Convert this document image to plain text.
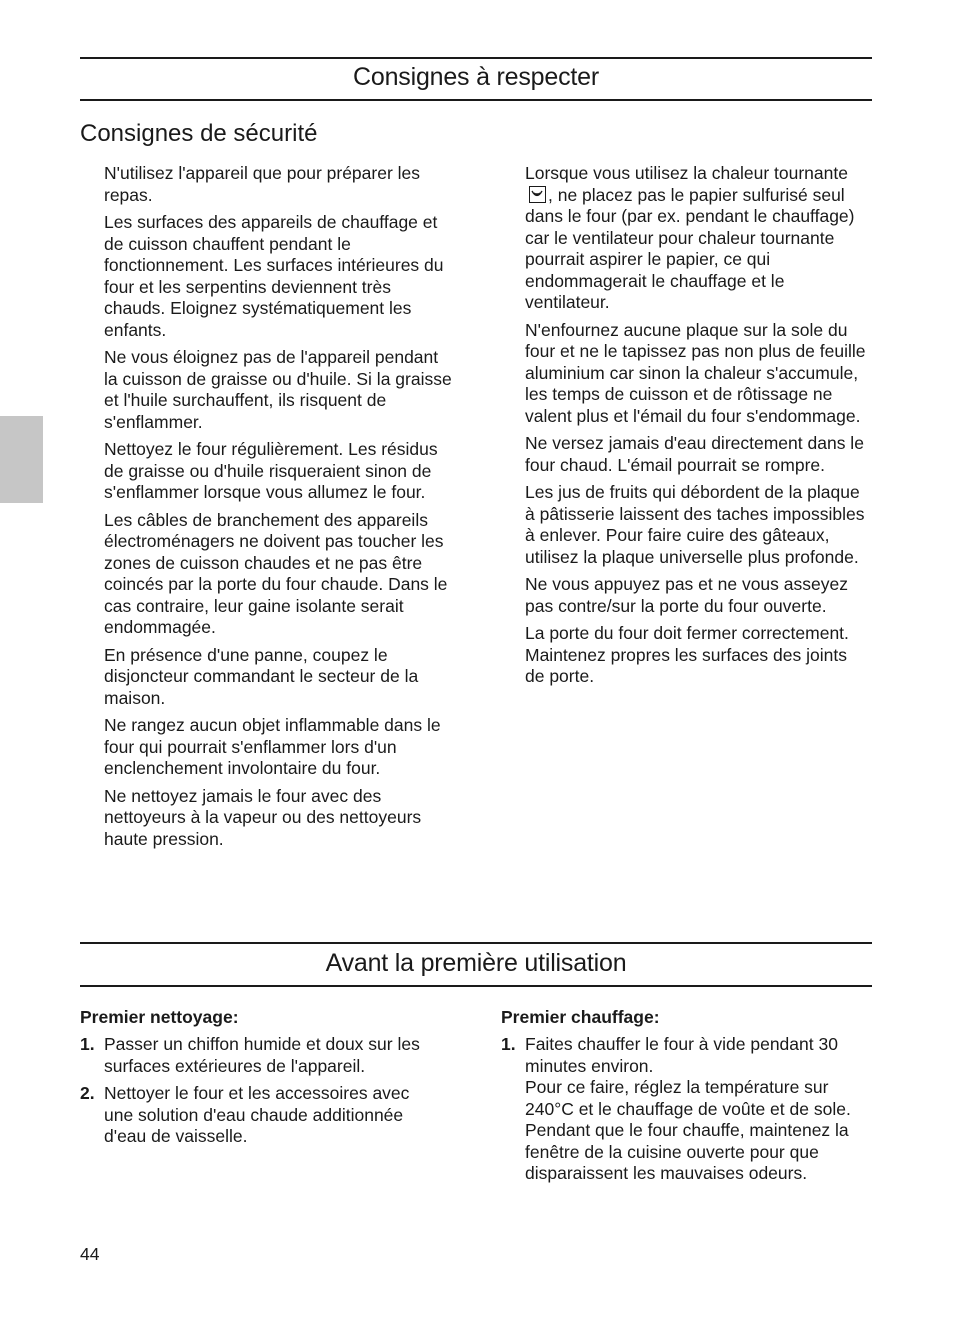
Consignes à respecter
Consignes de sécurité

N'utilisez l'appareil que pour préparer les repas.

Les surfaces des appareils de chauffage et de cuisson chauffent pendant le fonctionnement. Les surfaces intérieures du four et les serpentins deviennent très chauds. Eloignez systématiquement les enfants.

Ne vous éloignez pas de l'appareil pendant la cuisson de graisse ou d'huile. Si la graisse et l'huile surchauffent, ils risquent de s'enflammer.

Nettoyez le four régulièrement. Les résidus de graisse ou d'huile risqueraient sinon de s'enflammer lorsque vous allumez le four.

Les câbles de branchement des appareils électroménagers ne doivent pas toucher les zones de cuisson chaudes et ne pas être coincés par la porte du four chaude. Dans le cas contraire, leur gaine isolante serait endommagée.

En présence d'une panne, coupez le disjoncteur commandant le secteur de la maison.

Ne rangez aucun objet inflammable dans le four qui pourrait s'enflammer lors d'un enclenchement involontaire du four.

Ne nettoyez jamais le four avec des nettoyeurs à la vapeur ou des nettoyeurs haute pression.

Lorsque vous utilisez la chaleur tournante
, ne placez pas le papier sulfurisé seul dans le four (par ex. pendant le chauffage) car le ventilateur pour chaleur tournante pourrait aspirer le papier, ce qui endommagerait le chauffage et le ventilateur.

N'enfournez aucune plaque sur la sole du four et ne le tapissez pas non plus de feuille aluminium car sinon la chaleur s'accumule, les temps de cuisson et de rôtissage ne valent plus et l'émail du four s'endommage.

Ne versez jamais d'eau directement dans le four chaud. L'émail pourrait se rompre.

Les jus de fruits qui débordent de la plaque à pâtisserie laissent des taches impossibles à enlever. Pour faire cuire des gâteaux, utilisez la plaque universelle plus profonde.

Ne vous appuyez pas et ne vous asseyez pas contre/sur la porte du four ouverte.

La porte du four doit fermer correctement. Maintenez propres les surfaces des joints de porte.

Avant la première utilisation
Premier nettoyage:
1. Passer un chiffon humide et doux sur les surfaces extérieures de l'appareil.
2. Nettoyer le four et les accessoires avec une solution d'eau chaude additionnée d'eau de vaisselle.
Premier chauffage:
1. Faites chauffer le four à vide pendant 30 minutes environ.
Pour ce faire, réglez la température sur 240°C et le chauffage de voûte et de sole.
Pendant que le four chauffe, maintenez la fenêtre de la cuisine ouverte pour que disparaissent les mauvaises odeurs.
44
